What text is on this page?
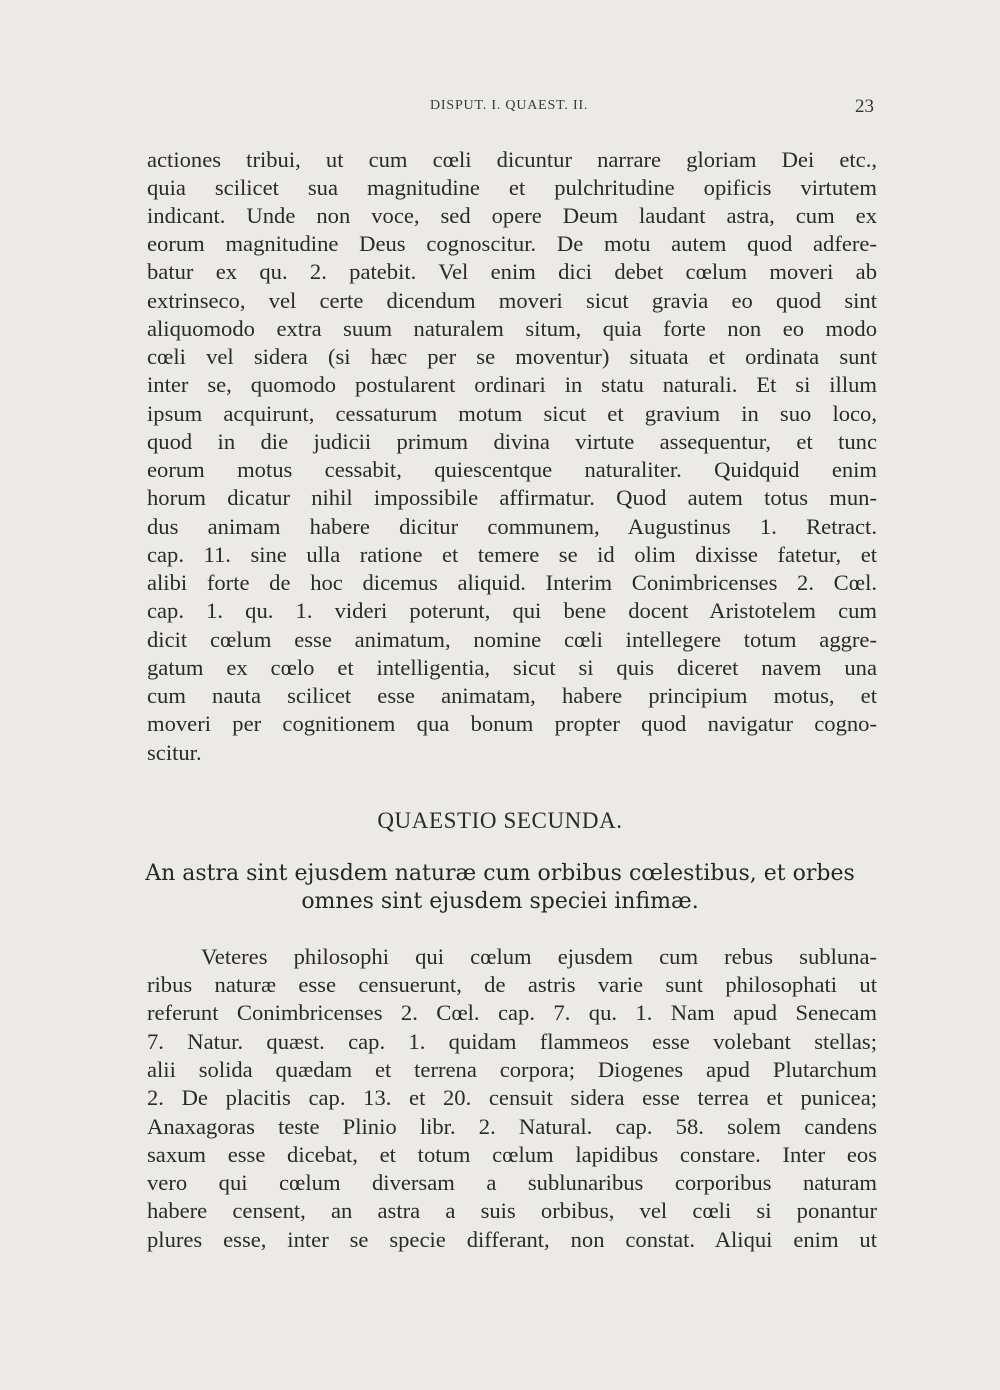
DISPUT. I. QUAEST. II.	23
actiones tribui, ut cum cœli dicuntur narrare gloriam Dei etc.,
quia scilicet sua magnitudine et pulchritudine opificis virtutem
indicant. Unde non voce, sed opere Deum laudant astra, cum ex
eorum magnitudine Deus cognoscitur. De motu autem quod adfere-
batur ex qu. 2. patebit. Vel enim dici debet cœlum moveri ab
extrinseco, vel certe dicendum moveri sicut gravia eo quod sint
aliquomodo extra suum naturalem situm, quia forte non eo modo
cœli vel sidera (si hæc per se moventur) situata et ordinata sunt
inter se, quomodo postularent ordinari in statu naturali. Et si illum
ipsum acquirunt, cessaturum motum sicut et gravium in suo loco,
quod in die judicii primum divina virtute assequentur, et tunc
eorum motus cessabit, quiescentque naturaliter. Quidquid enim
horum dicatur nihil impossibile affirmatur. Quod autem totus mun-
dus animam habere dicitur communem, Augustinus 1. Retract.
cap. 11. sine ulla ratione et temere se id olim dixisse fatetur, et
alibi forte de hoc dicemus aliquid. Interim Conimbricenses 2. Cœl.
cap. 1. qu. 1. videri poterunt, qui bene docent Aristotelem cum
dicit cœlum esse animatum, nomine cœli intellegere totum aggre-
gatum ex cœlo et intelligentia, sicut si quis diceret navem una
cum nauta scilicet esse animatam, habere principium motus, et
moveri per cognitionem qua bonum propter quod navigatur cogno-
scitur.
QUAESTIO SECUNDA.
An astra sint ejusdem naturæ cum orbibus cœlestibus, et orbes
omnes sint ejusdem speciei infimæ.
Veteres philosophi qui cœlum ejusdem cum rebus subluna-
ribus naturæ esse censuerunt, de astris varie sunt philosophati ut
referunt Conimbricenses 2. Cœl. cap. 7. qu. 1. Nam apud Senecam
7. Natur. quæst. cap. 1. quidam flammeos esse volebant stellas;
alii solida quædam et terrena corpora; Diogenes apud Plutarchum
2. De placitis cap. 13. et 20. censuit sidera esse terrea et punicea;
Anaxagoras teste Plinio libr. 2. Natural. cap. 58. solem candens
saxum esse dicebat, et totum cœlum lapidibus constare. Inter eos
vero qui cœlum diversam a sublunaribus corporibus naturam
habere censent, an astra a suis orbibus, vel cœli si ponantur
plures esse, inter se specie differant, non constat. Aliqui enim ut
